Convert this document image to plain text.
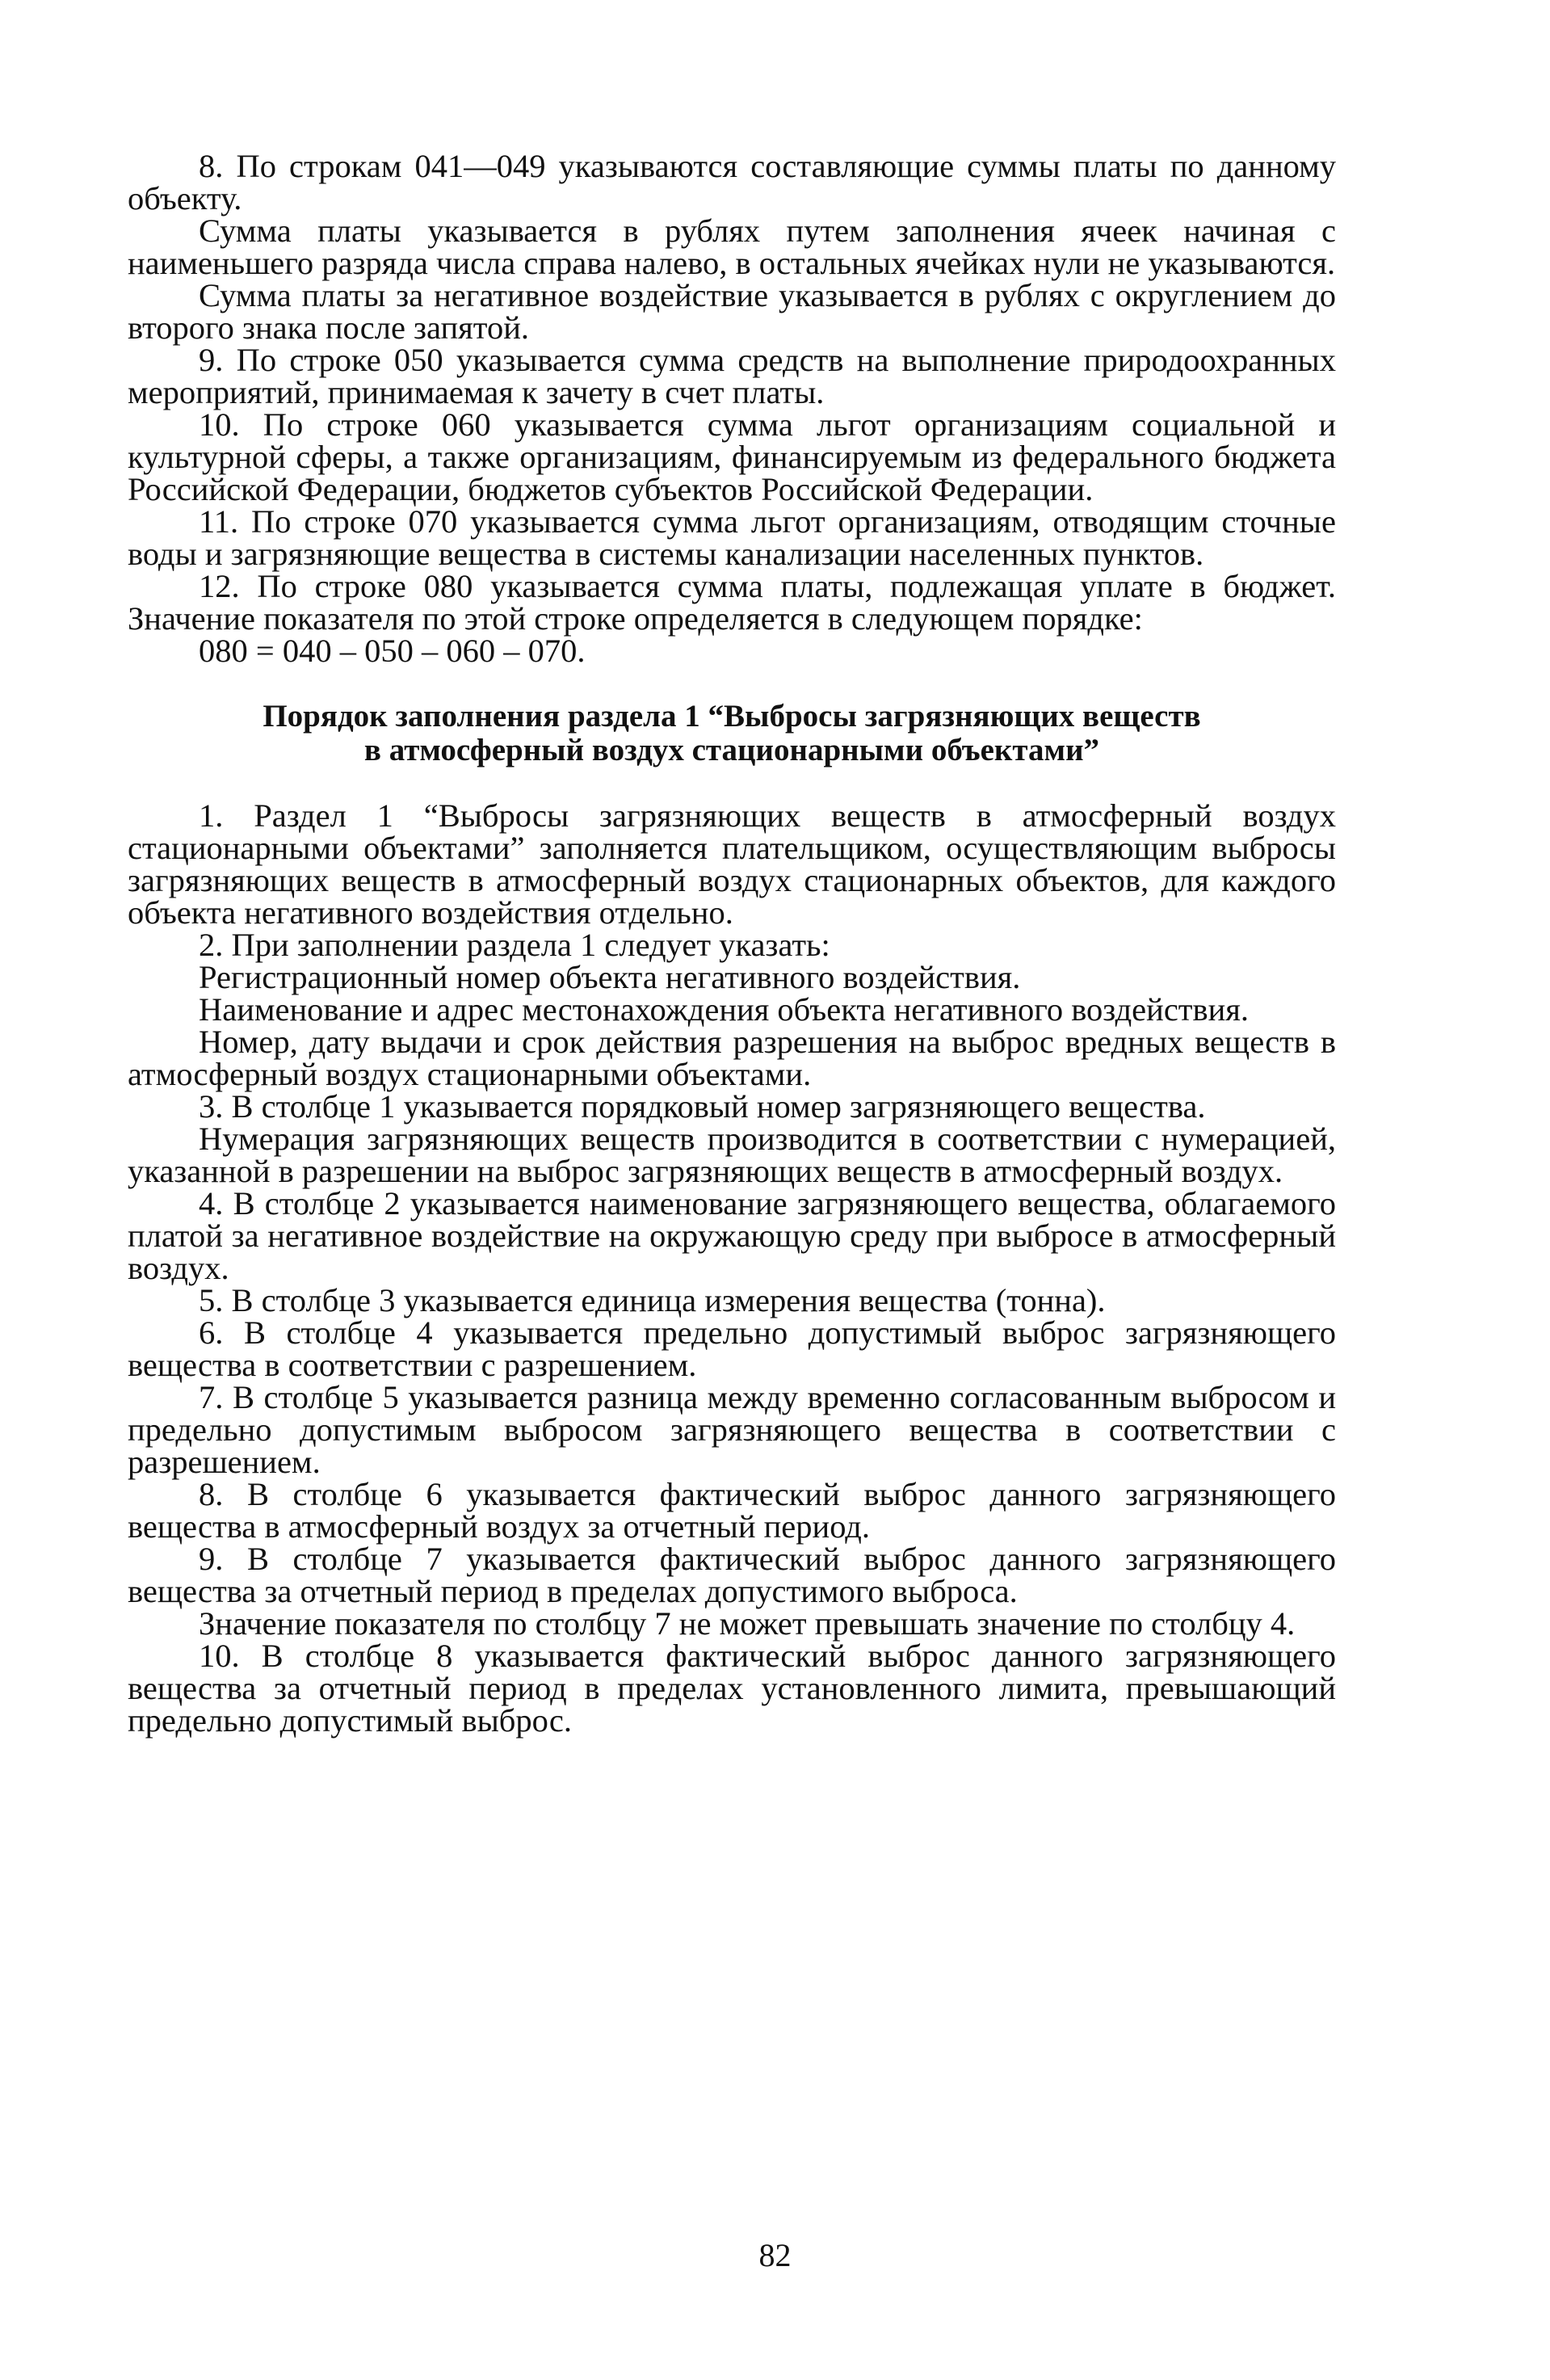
8. По строкам 041—049 указываются составляющие суммы платы по данному объекту.

Сумма платы указывается в рублях путем заполнения ячеек начиная с наименьшего разряда числа справа налево, в остальных ячейках нули не указываются.

Сумма платы за негативное воздействие указывается в рублях с округлением до второго знака после запятой.

9. По строке 050 указывается сумма средств на выполнение природоохранных мероприятий, принимаемая к зачету в счет платы.

10. По строке 060 указывается сумма льгот организациям социальной и культурной сферы, а также организациям, финансируемым из федерального бюджета Российской Федерации, бюджетов субъектов Российской Федерации.

11. По строке 070 указывается сумма льгот организациям, отводящим сточные воды и загрязняющие вещества в системы канализации населенных пунктов.

12. По строке 080 указывается сумма платы, подлежащая уплате в бюджет. Значение показателя по этой строке определяется в следующем порядке:

080 = 040 – 050 – 060 – 070.

Порядок заполнения раздела 1 “Выбросы загрязняющих веществ
в атмосферный воздух стационарными объектами”

1. Раздел 1 “Выбросы загрязняющих веществ в атмосферный воздух стационарными объектами” заполняется плательщиком, осуществляющим выбросы загрязняющих веществ в атмосферный воздух стационарных объектов, для каждого объекта негативного воздействия отдельно.

2. При заполнении раздела 1 следует указать:

Регистрационный номер объекта негативного воздействия.

Наименование и адрес местонахождения объекта негативного воздействия.

Номер, дату выдачи и срок действия разрешения на выброс вредных веществ в атмосферный воздух стационарными объектами.

3. В столбце 1 указывается порядковый номер загрязняющего вещества.

Нумерация загрязняющих веществ производится в соответствии с нумерацией, указанной в разрешении на выброс загрязняющих веществ в атмосферный воздух.

4. В столбце 2 указывается наименование загрязняющего вещества, облагаемого платой за негативное воздействие на окружающую среду при выбросе в атмосферный воздух.

5. В столбце 3 указывается единица измерения вещества (тонна).

6. В столбце 4 указывается предельно допустимый выброс загрязняющего вещества в соответствии с разрешением.

7. В столбце 5 указывается разница между временно согласованным выбросом и предельно допустимым выбросом загрязняющего вещества в соответствии с разрешением.

8. В столбце 6 указывается фактический выброс данного загрязняющего вещества в атмосферный воздух за отчетный период.

9. В столбце 7 указывается фактический выброс данного загрязняющего вещества за отчетный период в пределах допустимого выброса.

Значение показателя по столбцу 7 не может превышать значение по столбцу 4.

10. В столбце 8 указывается фактический выброс данного загрязняющего вещества за отчетный период в пределах установленного лимита, превышающий предельно допустимый выброс.

82
